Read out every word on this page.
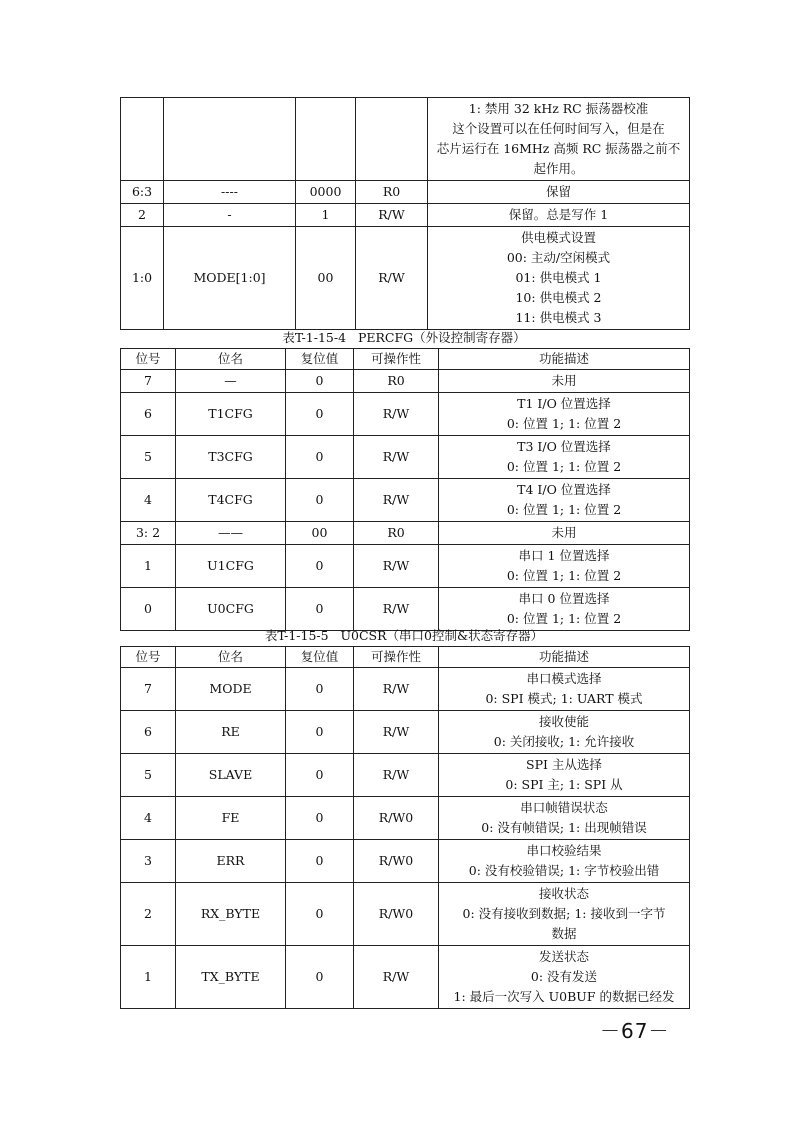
				1: 禁用 32 kHz RC 振荡器校准
这个设置可以在任何时间写入，但是在
芯片运行在 16MHz 高频 RC 振荡器之前不
起作用。

6:3	----	0000	R0	保留

2	-	1	R/W	保留。总是写作 1

1:0	MODE[1:0]	00	R/W	供电模式设置
00: 主动/空闲模式
01: 供电模式 1
10: 供电模式 2
11: 供电模式 3
表T-1-15-4   PERCFG（外设控制寄存器）
位号	位名	复位值	可操作性	功能描述
7	—	0	R0	未用

6	T1CFG	0	R/W	T1 I/O 位置选择
0: 位置 1; 1: 位置 2

5	T3CFG	0	R/W	T3 I/O 位置选择
0: 位置 1; 1: 位置 2

4	T4CFG	0	R/W	T4 I/O 位置选择
0: 位置 1; 1: 位置 2

3: 2	——	00	R0	未用

1	U1CFG	0	R/W	串口 1 位置选择
0: 位置 1; 1: 位置 2

0	U0CFG	0	R/W	串口 0 位置选择
0: 位置 1; 1: 位置 2
表T-1-15-5   U0CSR（串口0控制&状态寄存器）
位号	位名	复位值	可操作性	功能描述
7	MODE	0	R/W	串口模式选择
0: SPI 模式; 1: UART 模式

6	RE	0	R/W	接收使能
0: 关闭接收; 1: 允许接收

5	SLAVE	0	R/W	SPI 主从选择
0: SPI 主; 1: SPI 从

4	FE	0	R/W0	串口帧错误状态
0: 没有帧错误; 1: 出现帧错误

3	ERR	0	R/W0	串口校验结果
0: 没有校验错误; 1: 字节校验出错

2	RX_BYTE	0	R/W0	接收状态
0: 没有接收到数据; 1: 接收到一字节
数据

1	TX_BYTE	0	R/W	发送状态
0: 没有发送
1: 最后一次写入 U0BUF 的数据已经发
－67－
